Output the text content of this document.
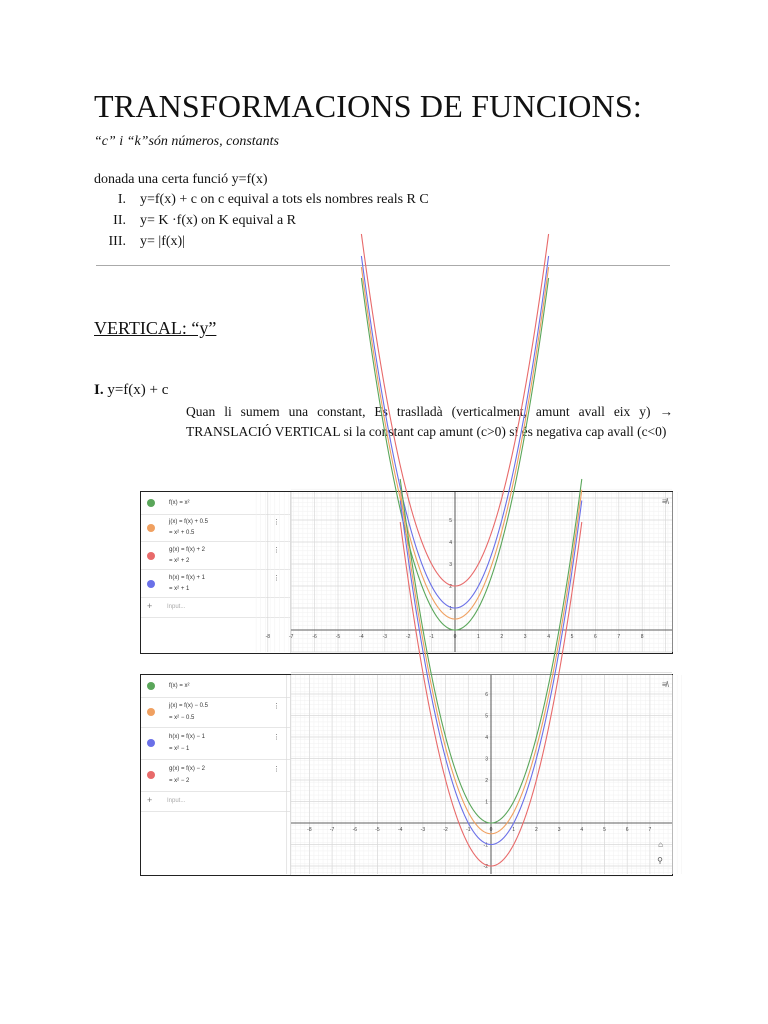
TRANSFORMACIONS DE FUNCIONS:
“c” i “k”són números, constants
donada una certa funció y=f(x)
I.	y=f(x) + c on c equival a tots els nombres reals R C
II.	y= K ·f(x) on K equival a R
III.	y= |f(x)|
VERTICAL: “y”
I. y=f(x) + c
Quan li sumem una constant, Es traslladà (verticalment, amunt avall eix y) → TRANSLACIÓ VERTICAL si la constant cap amunt (c>0) si és negativa cap avall (c<0)
f(x) = x²
j(x) = f(x) + 0.5
= x² + 0.5
⋮
g(x) = f(x) + 2
= x² + 2
⋮
h(x) = f(x) + 1
= x² + 1
⋮
+ Input...
-8	-7	-6	-5	-4	-3	-2	-1	0	1	2	3	4	5	6	7	8
1
2
3
4
5
≡/\
f(x) = x²
j(x) = f(x) − 0.5
= x² − 0.5
⋮
h(x) = f(x) − 1
= x² − 1
⋮
g(x) = f(x) − 2
= x² − 2
⋮
+ Input...
-8	-7	-6	-5	-4	-3	-2	-1	0	1	2	3	4	5	6	7
-2
-1
1
2
3
4
5
6
≡/\
⌂
⚲
